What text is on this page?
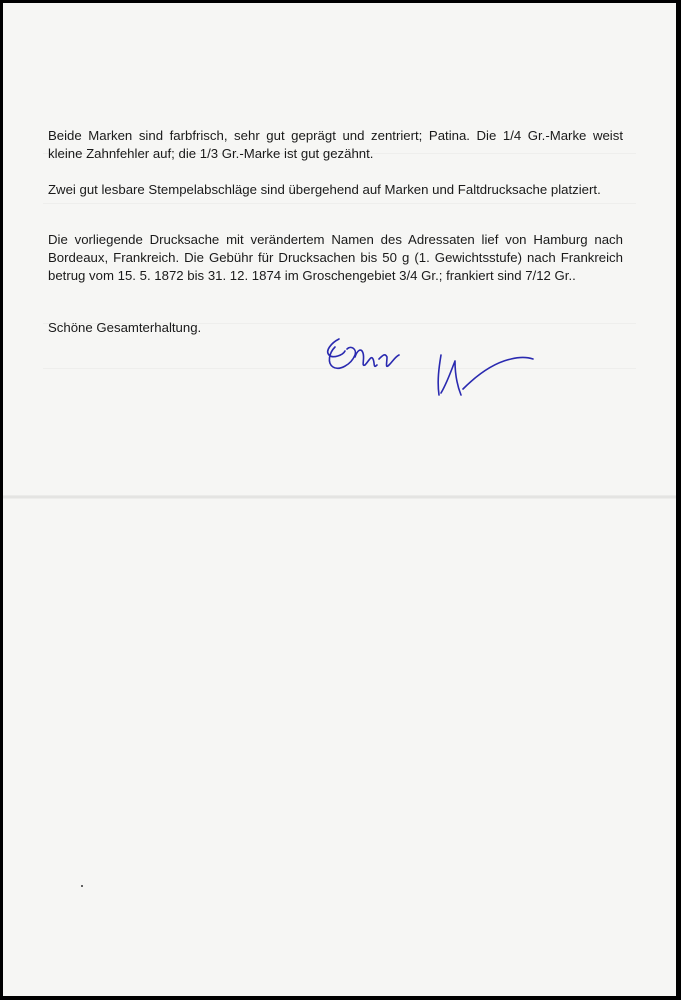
Beide Marken sind farbfrisch, sehr gut geprägt und zentriert; Patina. Die 1/4 Gr.-Marke weist kleine Zahnfehler auf; die 1/3 Gr.-Marke ist gut gezähnt.

Zwei gut lesbare Stempelabschläge sind übergehend auf Marken und Faltdrucksache platziert.

Die vorliegende Drucksache mit verändertem Namen des Adressaten lief von Hamburg nach Bordeaux, Frankreich. Die Gebühr für Drucksachen bis 50 g (1. Gewichtsstufe) nach Frankreich betrug vom 15. 5. 1872 bis 31. 12. 1874 im Groschengebiet 3/4 Gr.; frankiert sind 7/12 Gr..

Schöne Gesamterhaltung.
